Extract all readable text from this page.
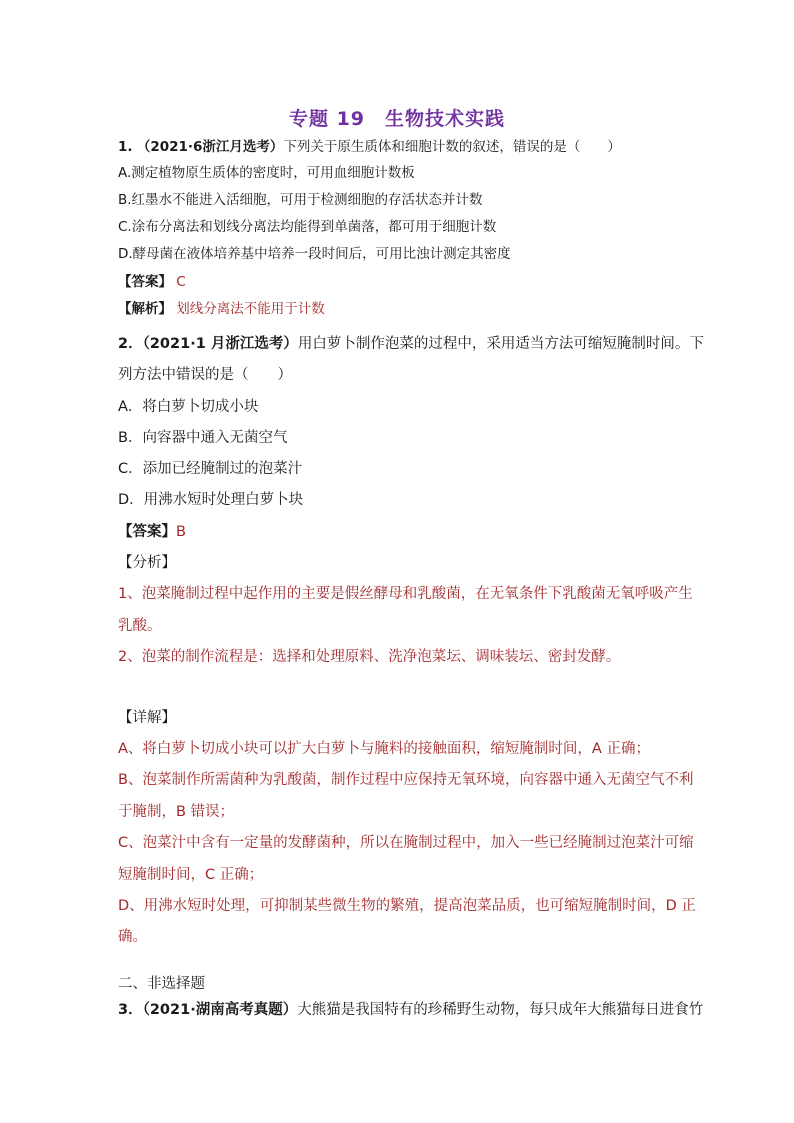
专题 19　生物技术实践
1. （2021·6浙江月选考）下列关于原生质体和细胞计数的叙述，错误的是（　　）
A.测定植物原生质体的密度时，可用血细胞计数板
B.红墨水不能进入活细胞，可用于检测细胞的存活状态并计数
C.涂布分离法和划线分离法均能得到单菌落，都可用于细胞计数
D.酵母菌在液体培养基中培养一段时间后，可用比浊计测定其密度
【答案】 C
【解析】 划线分离法不能用于计数
2．（2021·1 月浙江选考）用白萝卜制作泡菜的过程中，采用适当方法可缩短腌制时间。下
列方法中错误的是（　　）
A．将白萝卜切成小块
B．向容器中通入无菌空气
C．添加已经腌制过的泡菜汁
D．用沸水短时处理白萝卜块
【答案】B
【分析】
1、泡菜腌制过程中起作用的主要是假丝酵母和乳酸菌，在无氧条件下乳酸菌无氧呼吸产生
乳酸。
2、泡菜的制作流程是：选择和处理原料、洗净泡菜坛、调味装坛、密封发酵。
【详解】
A、将白萝卜切成小块可以扩大白萝卜与腌料的接触面积，缩短腌制时间，A 正确；
B、泡菜制作所需菌种为乳酸菌，制作过程中应保持无氧环境，向容器中通入无菌空气不利
于腌制，B 错误；
C、泡菜汁中含有一定量的发酵菌种，所以在腌制过程中，加入一些已经腌制过泡菜汁可缩
短腌制时间，C 正确；
D、用沸水短时处理，可抑制某些微生物的繁殖，提高泡菜品质，也可缩短腌制时间，D 正
确。
二、非选择题
3．（2021·湖南高考真题）大熊猫是我国特有的珍稀野生动物，每只成年大熊猫每日进食竹
